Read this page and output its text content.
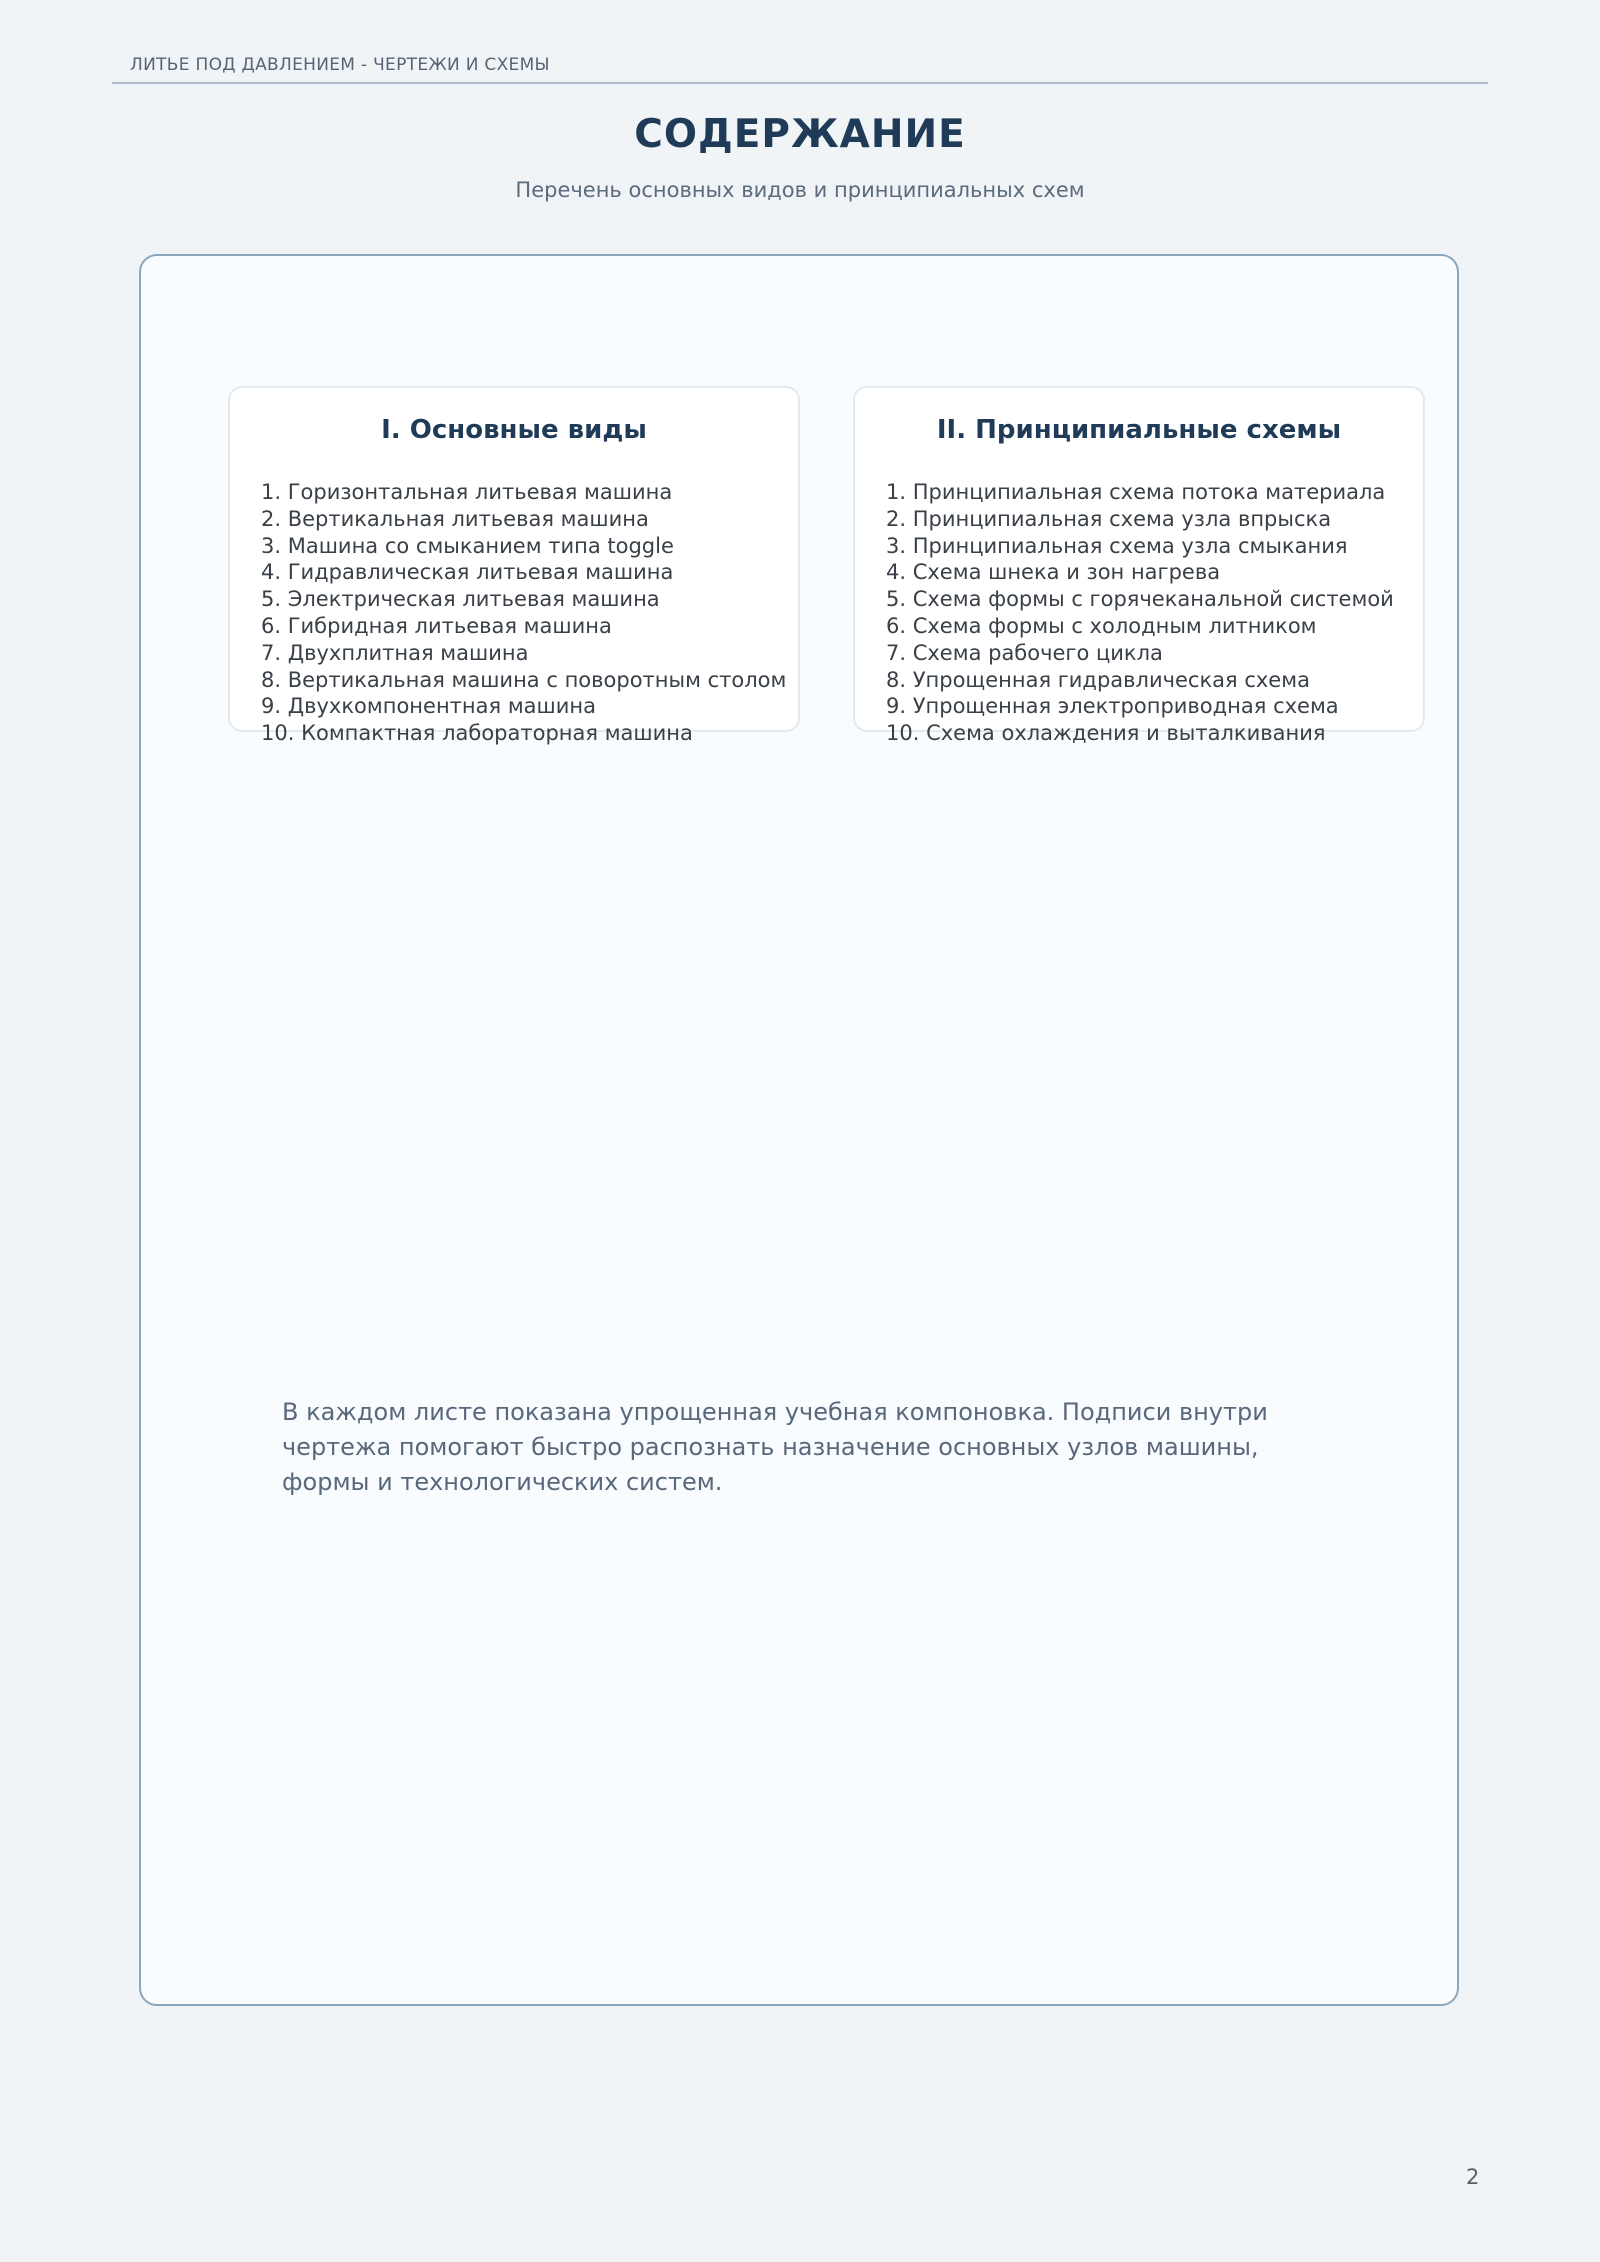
ЛИТЬЕ ПОД ДАВЛЕНИЕМ - ЧЕРТЕЖИ И СХЕМЫ
СОДЕРЖАНИЕ
Перечень основных видов и принципиальных схем
I. Основные виды
1. Горизонтальная литьевая машина
2. Вертикальная литьевая машина
3. Машина со смыканием типа toggle
4. Гидравлическая литьевая машина
5. Электрическая литьевая машина
6. Гибридная литьевая машина
7. Двухплитная машина
8. Вертикальная машина с поворотным столом
9. Двухкомпонентная машина
10. Компактная лабораторная машина
II. Принципиальные схемы
1. Принципиальная схема потока материала
2. Принципиальная схема узла впрыска
3. Принципиальная схема узла смыкания
4. Схема шнека и зон нагрева
5. Схема формы с горячеканальной системой
6. Схема формы с холодным литником
7. Схема рабочего цикла
8. Упрощенная гидравлическая схема
9. Упрощенная электроприводная схема
10. Схема охлаждения и выталкивания
В каждом листе показана упрощенная учебная компоновка. Подписи внутри
чертежа помогают быстро распознать назначение основных узлов машины,
формы и технологических систем.
2
